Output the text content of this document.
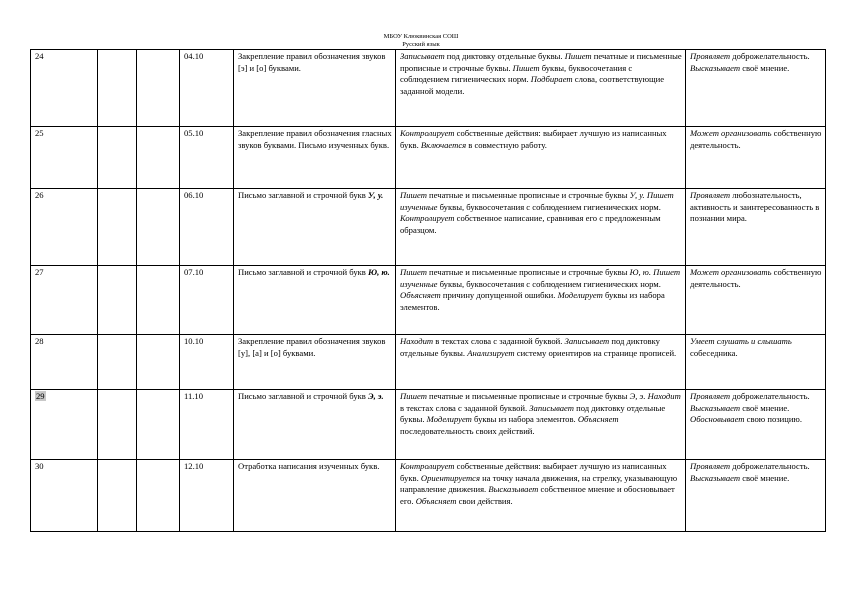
МБОУ Клюквинская СОШ
Русский язык
24			04.10	Закрепление правил обозначения звуков [э] и [о] буквами.	Записывает под диктовку отдельные буквы. Пишет печатные и письменные прописные и строчные буквы. Пишет буквы, буквосочетания с соблюдением гигиенических норм. Подбирает слова, соответствующие заданной модели.	Проявляет доброжелательность. Высказывает своё мнение.
25			05.10	Закрепление правил обозначения гласных звуков буквами. Письмо изученных букв.	Контролирует собственные действия: выбирает лучшую из написанных букв. Включается в совместную работу.	Может организовать собственную деятельность.
26			06.10	Письмо заглавной и строчной букв У, у.	Пишет печатные и письменные прописные и строчные буквы У, у. Пишет изученные буквы, буквосочетания с соблюдением гигиенических норм. Контролирует собственное написание, сравнивая его с предложенным образцом.	Проявляет любознательность, активность и заинтересованность в познании мира.
27			07.10	Письмо заглавной и строчной букв Ю, ю.	Пишет печатные и письменные прописные и строчные буквы Ю, ю. Пишет изученные буквы, буквосочетания с соблюдением гигиенических норм. Объясняет причину допущенной ошибки. Моделирует буквы из набора элементов.	Может организовать собственную деятельность.
28			10.10	Закрепление правил обозначения звуков [у], [а] и [о] буквами.	Находит в текстах слова с заданной буквой. Записывает под диктовку отдельные буквы. Анализирует систему ориентиров на странице прописей.	Умеет слушать и слышать собеседника.
29			11.10	Письмо заглавной и строчной букв Э, э.	Пишет печатные и письменные прописные и строчные буквы Э, э. Находит в текстах слова с заданной буквой. Записывает под диктовку отдельные буквы. Моделирует буквы из набора элементов. Объясняет последовательность своих действий.	Проявляет доброжелательность. Высказывает своё мнение. Обосновывает свою позицию.
30			12.10	Отработка написания изученных букв.	Контролирует собственные действия: выбирает лучшую из написанных букв. Ориентируется на точку начала движения, на стрелку, указывающую направление движения. Высказывает собственное мнение и обосновывает его. Объясняет свои действия.	Проявляет доброжелательность. Высказывает своё мнение.
